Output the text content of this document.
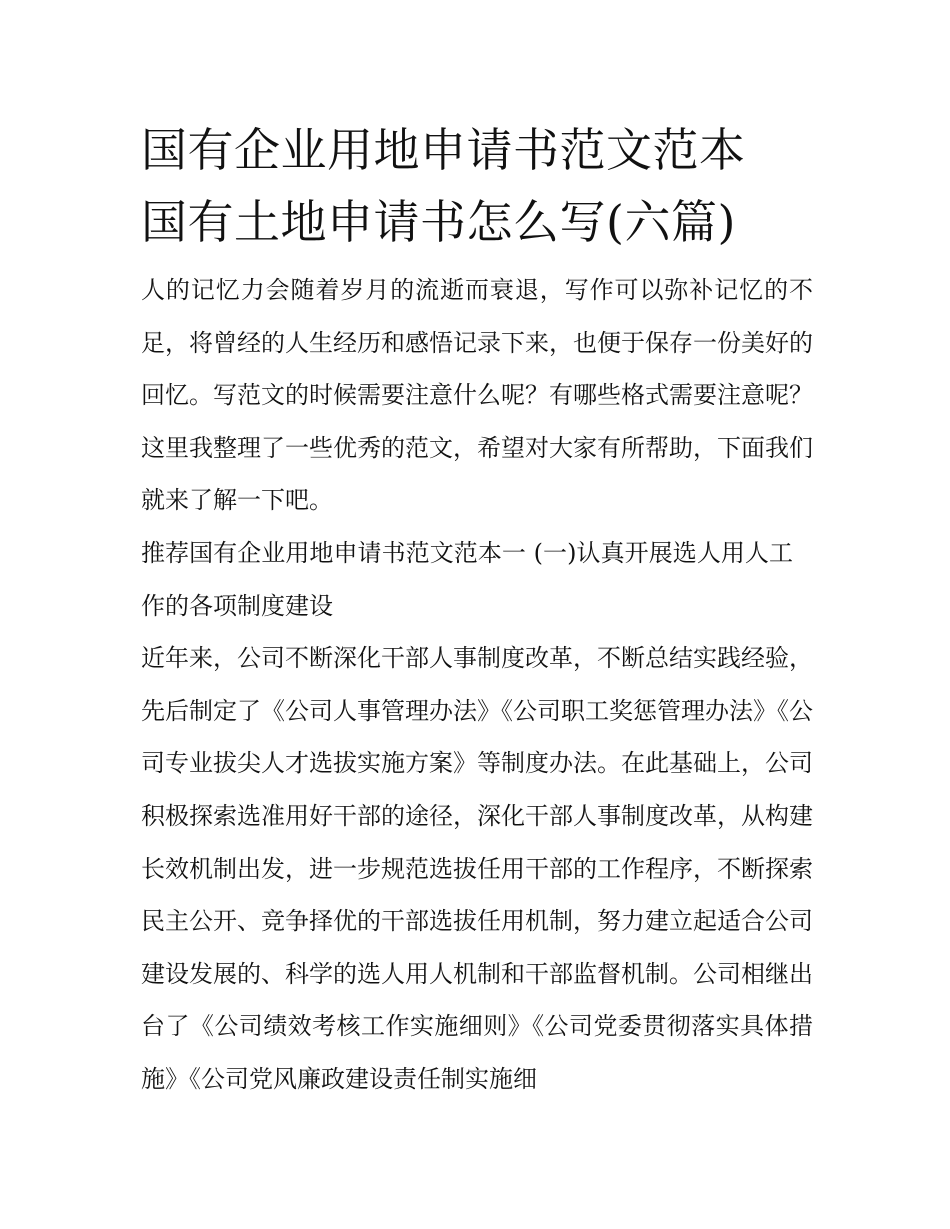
国有企业用地申请书范文范本
国有土地申请书怎么写(六篇)

人的记忆力会随着岁月的流逝而衰退，写作可以弥补记忆的不足，将曾经的人生经历和感悟记录下来，也便于保存一份美好的回忆。写范文的时候需要注意什么呢？有哪些格式需要注意呢？这里我整理了一些优秀的范文，希望对大家有所帮助，下面我们就来了解一下吧。

推荐国有企业用地申请书范文范本一 (一)认真开展选人用人工作的各项制度建设

近年来，公司不断深化干部人事制度改革，不断总结实践经验，先后制定了《公司人事管理办法》《公司职工奖惩管理办法》《公司专业拔尖人才选拔实施方案》等制度办法。在此基础上，公司积极探索选准用好干部的途径，深化干部人事制度改革，从构建长效机制出发，进一步规范选拔任用干部的工作程序，不断探索民主公开、竞争择优的干部选拔任用机制，努力建立起适合公司建设发展的、科学的选人用人机制和干部监督机制。公司相继出台了《公司绩效考核工作实施细则》《公司党委贯彻落实具体措施》《公司党风廉政建设责任制实施细
